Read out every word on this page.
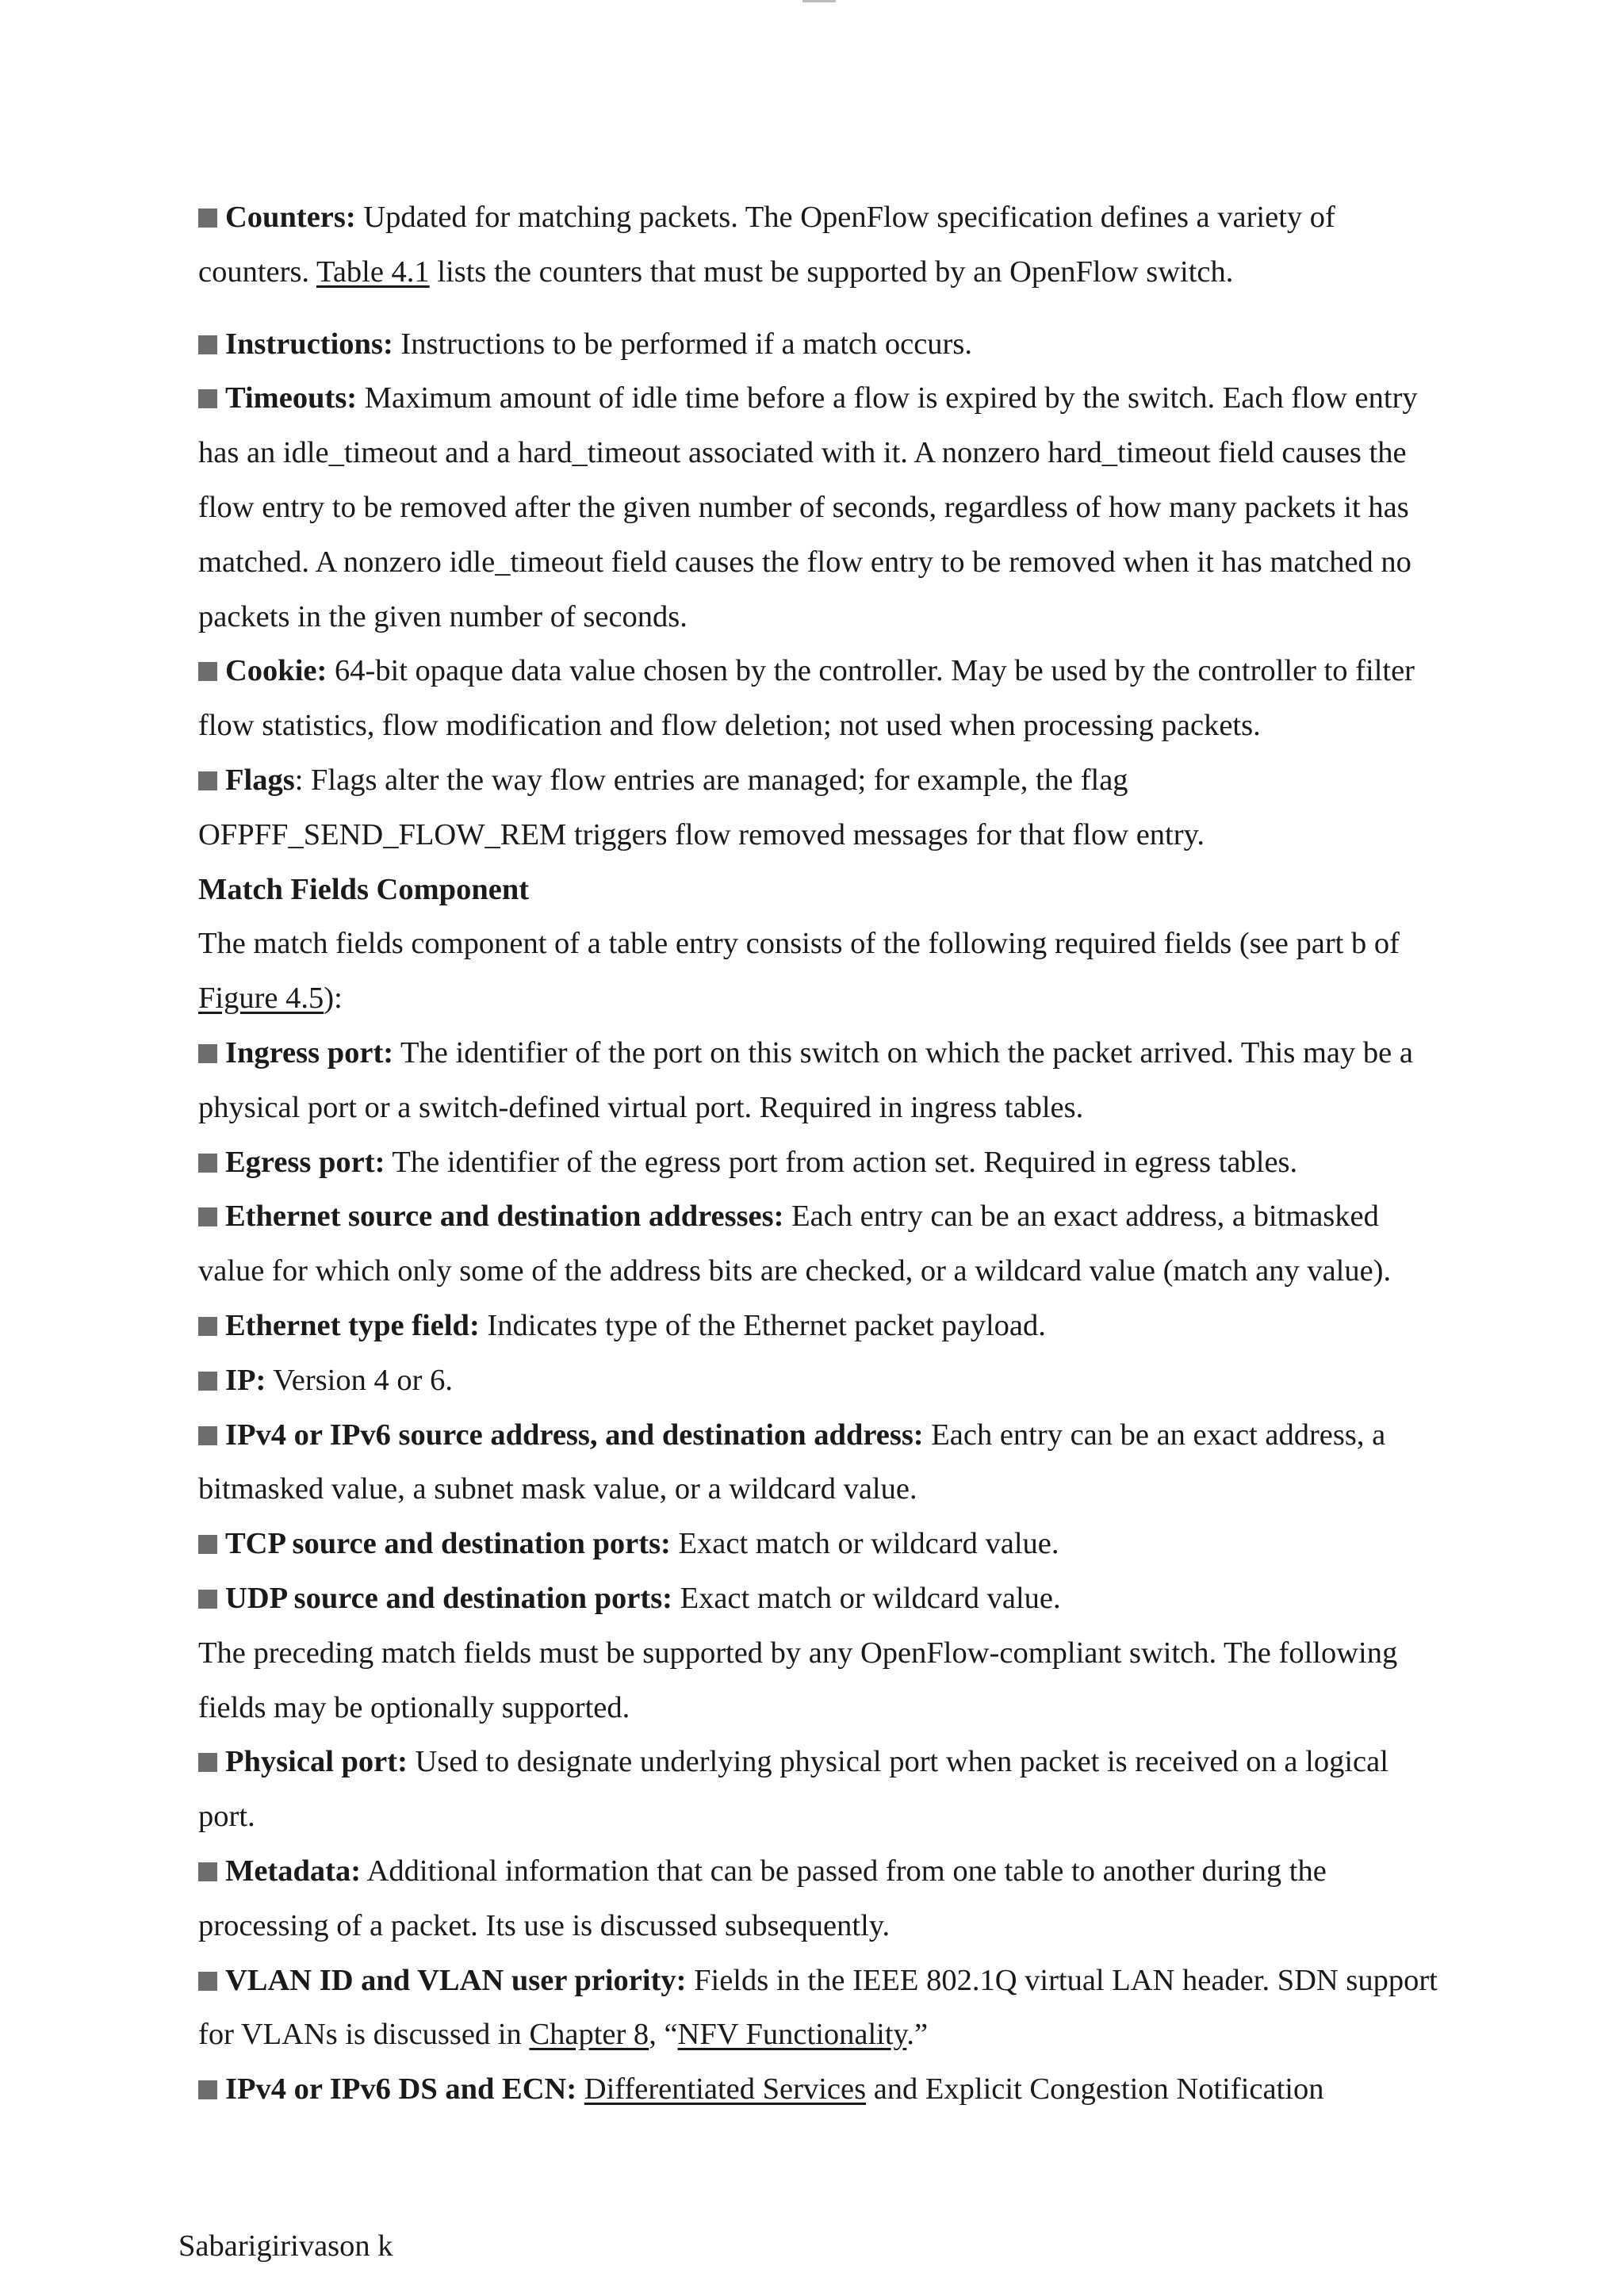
Counters: Updated for matching packets. The OpenFlow specification defines a variety of counters. Table 4.1 lists the counters that must be supported by an OpenFlow switch.

Instructions: Instructions to be performed if a match occurs.

Timeouts: Maximum amount of idle time before a flow is expired by the switch. Each flow entry has an idle_timeout and a hard_timeout associated with it. A nonzero hard_timeout field causes the flow entry to be removed after the given number of seconds, regardless of how many packets it has matched. A nonzero idle_timeout field causes the flow entry to be removed when it has matched no packets in the given number of seconds.

Cookie: 64-bit opaque data value chosen by the controller. May be used by the controller to filter flow statistics, flow modification and flow deletion; not used when processing packets.

Flags: Flags alter the way flow entries are managed; for example, the flag OFPFF_SEND_FLOW_REM triggers flow removed messages for that flow entry.

Match Fields Component

The match fields component of a table entry consists of the following required fields (see part b of Figure 4.5):

Ingress port: The identifier of the port on this switch on which the packet arrived. This may be a physical port or a switch-defined virtual port. Required in ingress tables.

Egress port: The identifier of the egress port from action set. Required in egress tables.

Ethernet source and destination addresses: Each entry can be an exact address, a bitmasked value for which only some of the address bits are checked, or a wildcard value (match any value).

Ethernet type field: Indicates type of the Ethernet packet payload.

IP: Version 4 or 6.

IPv4 or IPv6 source address, and destination address: Each entry can be an exact address, a bitmasked value, a subnet mask value, or a wildcard value.

TCP source and destination ports: Exact match or wildcard value.

UDP source and destination ports: Exact match or wildcard value.

The preceding match fields must be supported by any OpenFlow-compliant switch. The following fields may be optionally supported.

Physical port: Used to designate underlying physical port when packet is received on a logical port.

Metadata: Additional information that can be passed from one table to another during the processing of a packet. Its use is discussed subsequently.

VLAN ID and VLAN user priority: Fields in the IEEE 802.1Q virtual LAN header. SDN support for VLANs is discussed in Chapter 8, “NFV Functionality.”

IPv4 or IPv6 DS and ECN: Differentiated Services and Explicit Congestion Notification

Sabarigirivason k
